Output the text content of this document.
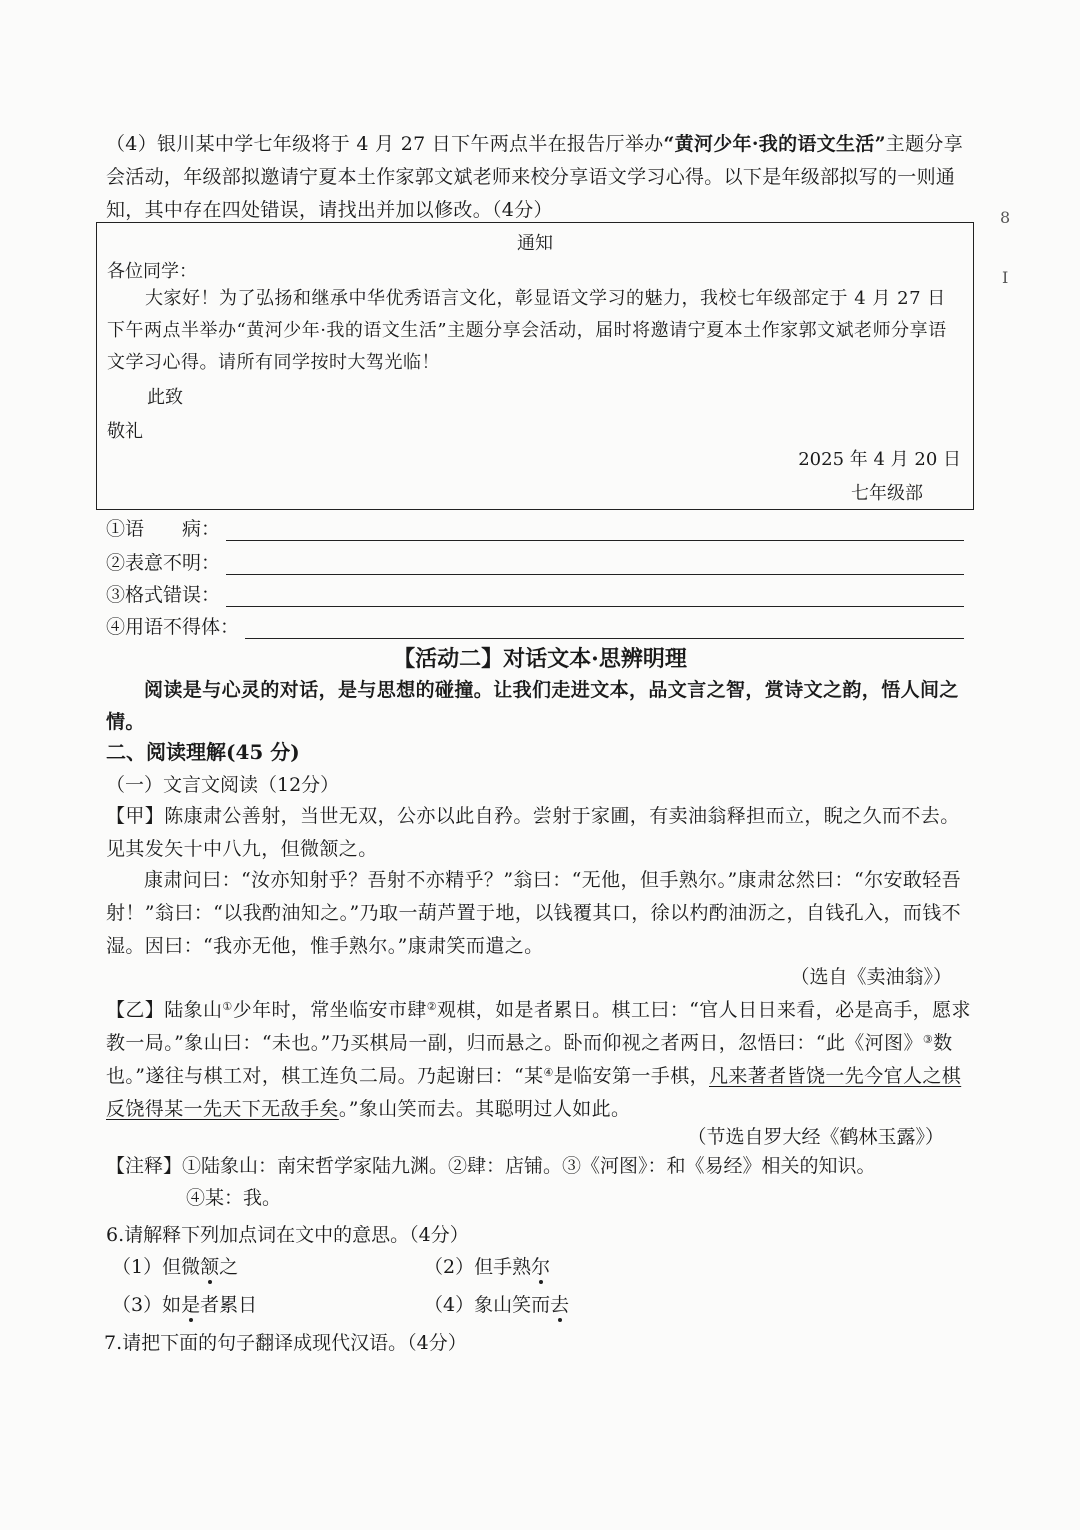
（4）银川某中学七年级将于 4 月 27 日下午两点半在报告厅举办“黄河少年·我的语文生活”主题分享会活动，年级部拟邀请宁夏本土作家郭文斌老师来校分享语文学习心得。以下是年级部拟写的一则通知，其中存在四处错误，请找出并加以修改。（4分）

通知
各位同学：

大家好！为了弘扬和继承中华优秀语言文化，彰显语文学习的魅力，我校七年级部定于 4 月 27 日下午两点半举办“黄河少年·我的语文生活”主题分享会活动，届时将邀请宁夏本土作家郭文斌老师分享语文学习心得。请所有同学按时大驾光临！

此致
敬礼
2025 年 4 月 20 日
七年级部
①语　　病：
②表意不明：
③格式错误：
④用语不得体：
【活动二】对话文本·思辨明理

阅读是与心灵的对话，是与思想的碰撞。让我们走进文本，品文言之智，赏诗文之韵，悟人间之情。

二、阅读理解(45 分)
（一）文言文阅读（12分）

【甲】陈康肃公善射，当世无双，公亦以此自矜。尝射于家圃，有卖油翁释担而立，睨之久而不去。见其发矢十中八九，但微颔之。

康肃问曰：“汝亦知射乎？吾射不亦精乎？”翁曰：“无他，但手熟尔。”康肃忿然曰：“尔安敢轻吾射！”翁曰：“以我酌油知之。”乃取一葫芦置于地，以钱覆其口，徐以杓酌油沥之，自钱孔入，而钱不湿。因曰：“我亦无他，惟手熟尔。”康肃笑而遣之。

（选自《卖油翁》）

【乙】陆象山①少年时，常坐临安市肆②观棋，如是者累日。棋工曰：“官人日日来看，必是高手，愿求教一局。”象山曰：“未也。”乃买棋局一副，归而悬之。卧而仰视之者两日，忽悟曰：“此《河图》③数也。”遂往与棋工对，棋工连负二局。乃起谢曰：“某④是临安第一手棋，凡来著者皆饶一先今官人之棋反饶得某一先天下无敌手矣。”象山笑而去。其聪明过人如此。

（节选自罗大经《鹤林玉露》）

【注释】①陆象山：南宋哲学家陆九渊。②肆：店铺。③《河图》：和《易经》相关的知识。

④某：我。

6.请解释下列加点词在文中的意思。（4分）
（1）但微颔之	（2）但手熟尔
（3）如是者累日	（4）象山笑而去
7.请把下面的句子翻译成现代汉语。（4分）
8
I
